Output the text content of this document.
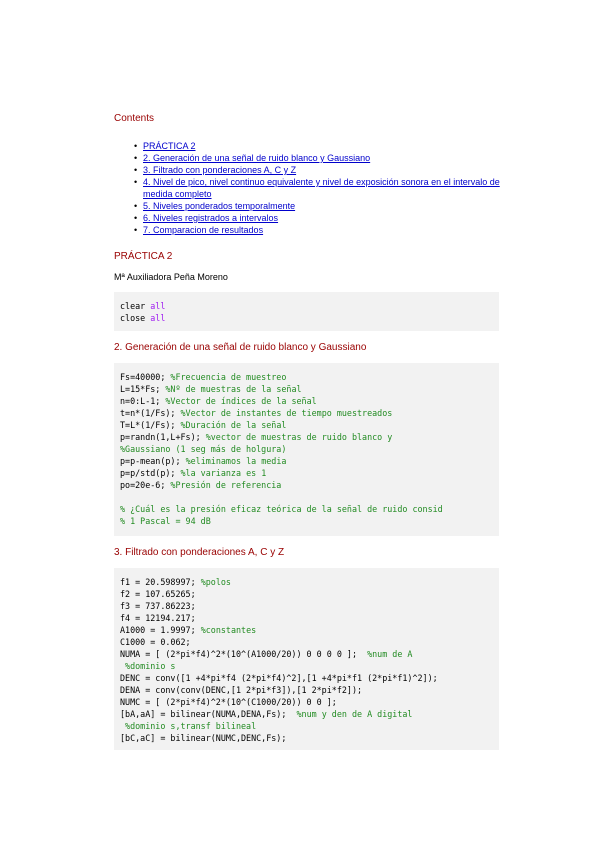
Contents
• PRÁCTICA 2
• 2. Generación de una señal de ruido blanco y Gaussiano
• 3. Filtrado con ponderaciones A, C y Z
• 4. Nivel de pico, nivel continuo equivalente y nivel de exposición sonora en el intervalo de medida completo
• 5. Niveles ponderados temporalmente
• 6. Niveles registrados a intervalos
• 7. Comparacion de resultados
PRÁCTICA 2
Mª Auxiliadora Peña Moreno
clear all
close all
2. Generación de una señal de ruido blanco y Gaussiano
Fs=40000; %Frecuencia de muestreo
L=15*Fs; %Nº de muestras de la señal
n=0:L-1; %Vector de índices de la señal
t=n*(1/Fs); %Vector de instantes de tiempo muestreados
T=L*(1/Fs); %Duración de la señal
p=randn(1,L+Fs); %vector de muestras de ruido blanco y
%Gaussiano (1 seg más de holgura)
p=p-mean(p); %eliminamos la media
p=p/std(p); %la varianza es 1
po=20e-6; %Presión de referencia
% ¿Cuál es la presión eficaz teórica de la señal de ruido consid
% 1 Pascal = 94 dB
3. Filtrado con ponderaciones A, C y Z
f1 = 20.598997; %polos
f2 = 107.65265;
f3 = 737.86223;
f4 = 12194.217;
A1000 = 1.9997; %constantes
C1000 = 0.062;
NUMA = [ (2*pi*f4)^2*(10^(A1000/20)) 0 0 0 0 ];  %num de A
%dominio s
DENC = conv([1 +4*pi*f4 (2*pi*f4)^2],[1 +4*pi*f1 (2*pi*f1)^2]);
DENA = conv(conv(DENC,[1 2*pi*f3]),[1 2*pi*f2]);
NUMC = [ (2*pi*f4)^2*(10^(C1000/20)) 0 0 ];
[bA,aA] = bilinear(NUMA,DENA,Fs);  %num y den de A digital
%dominio s,transf bilineal
[bC,aC] = bilinear(NUMC,DENC,Fs);
